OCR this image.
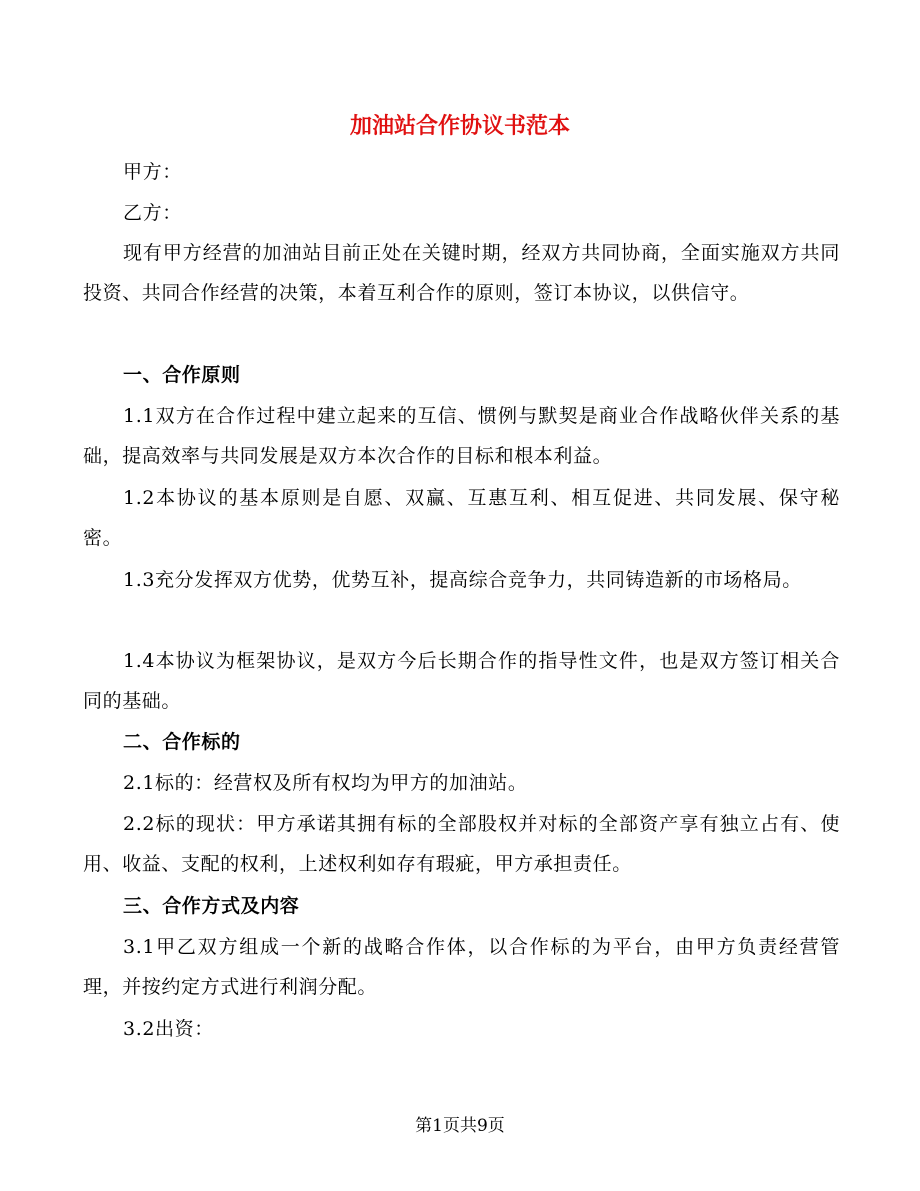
加油站合作协议书范本
甲方：
乙方：
现有甲方经营的加油站目前正处在关键时期，经双方共同协商，全面实施双方共同投资、共同合作经营的决策，本着互利合作的原则，签订本协议，以供信守。
一、合作原则
1.1双方在合作过程中建立起来的互信、惯例与默契是商业合作战略伙伴关系的基础，提高效率与共同发展是双方本次合作的目标和根本利益。
1.2本协议的基本原则是自愿、双赢、互惠互利、相互促进、共同发展、保守秘密。
1.3充分发挥双方优势，优势互补，提高综合竞争力，共同铸造新的市场格局。
1.4本协议为框架协议，是双方今后长期合作的指导性文件，也是双方签订相关合同的基础。
二、合作标的
2.1标的：经营权及所有权均为甲方的加油站。
2.2标的现状：甲方承诺其拥有标的全部股权并对标的全部资产享有独立占有、使用、收益、支配的权利，上述权利如存有瑕疵，甲方承担责任。
三、合作方式及内容
3.1甲乙双方组成一个新的战略合作体，以合作标的为平台，由甲方负责经营管理，并按约定方式进行利润分配。
3.2出资：
第1页共9页
